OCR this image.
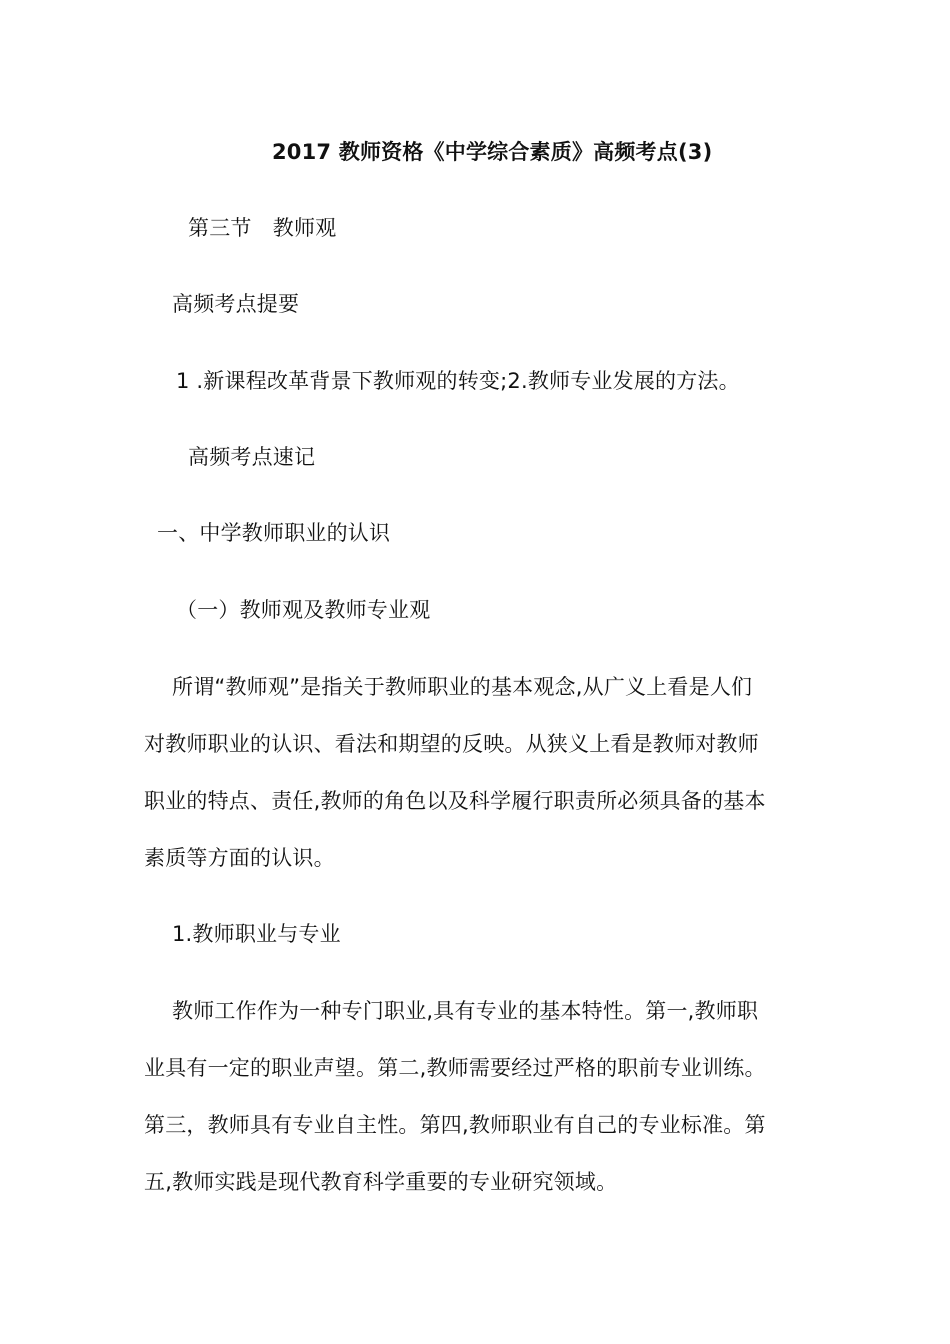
2017 教师资格《中学综合素质》高频考点(3)
第三节　教师观
高频考点提要
1 .新课程改革背景下教师观的转变;2.教师专业发展的方法。
高频考点速记
一、中学教师职业的认识
（一）教师观及教师专业观
所谓“教师观”是指关于教师职业的基本观念,从广义上看是人们
对教师职业的认识、看法和期望的反映。从狭义上看是教师对教师
职业的特点、责任,教师的角色以及科学履行职责所必须具备的基本
素质等方面的认识。
1.教师职业与专业
教师工作作为一种专门职业,具有专业的基本特性。第一,教师职
业具有一定的职业声望。第二,教师需要经过严格的职前专业训练。
第三，教师具有专业自主性。第四,教师职业有自己的专业标准。第
五,教师实践是现代教育科学重要的专业研究领域。
